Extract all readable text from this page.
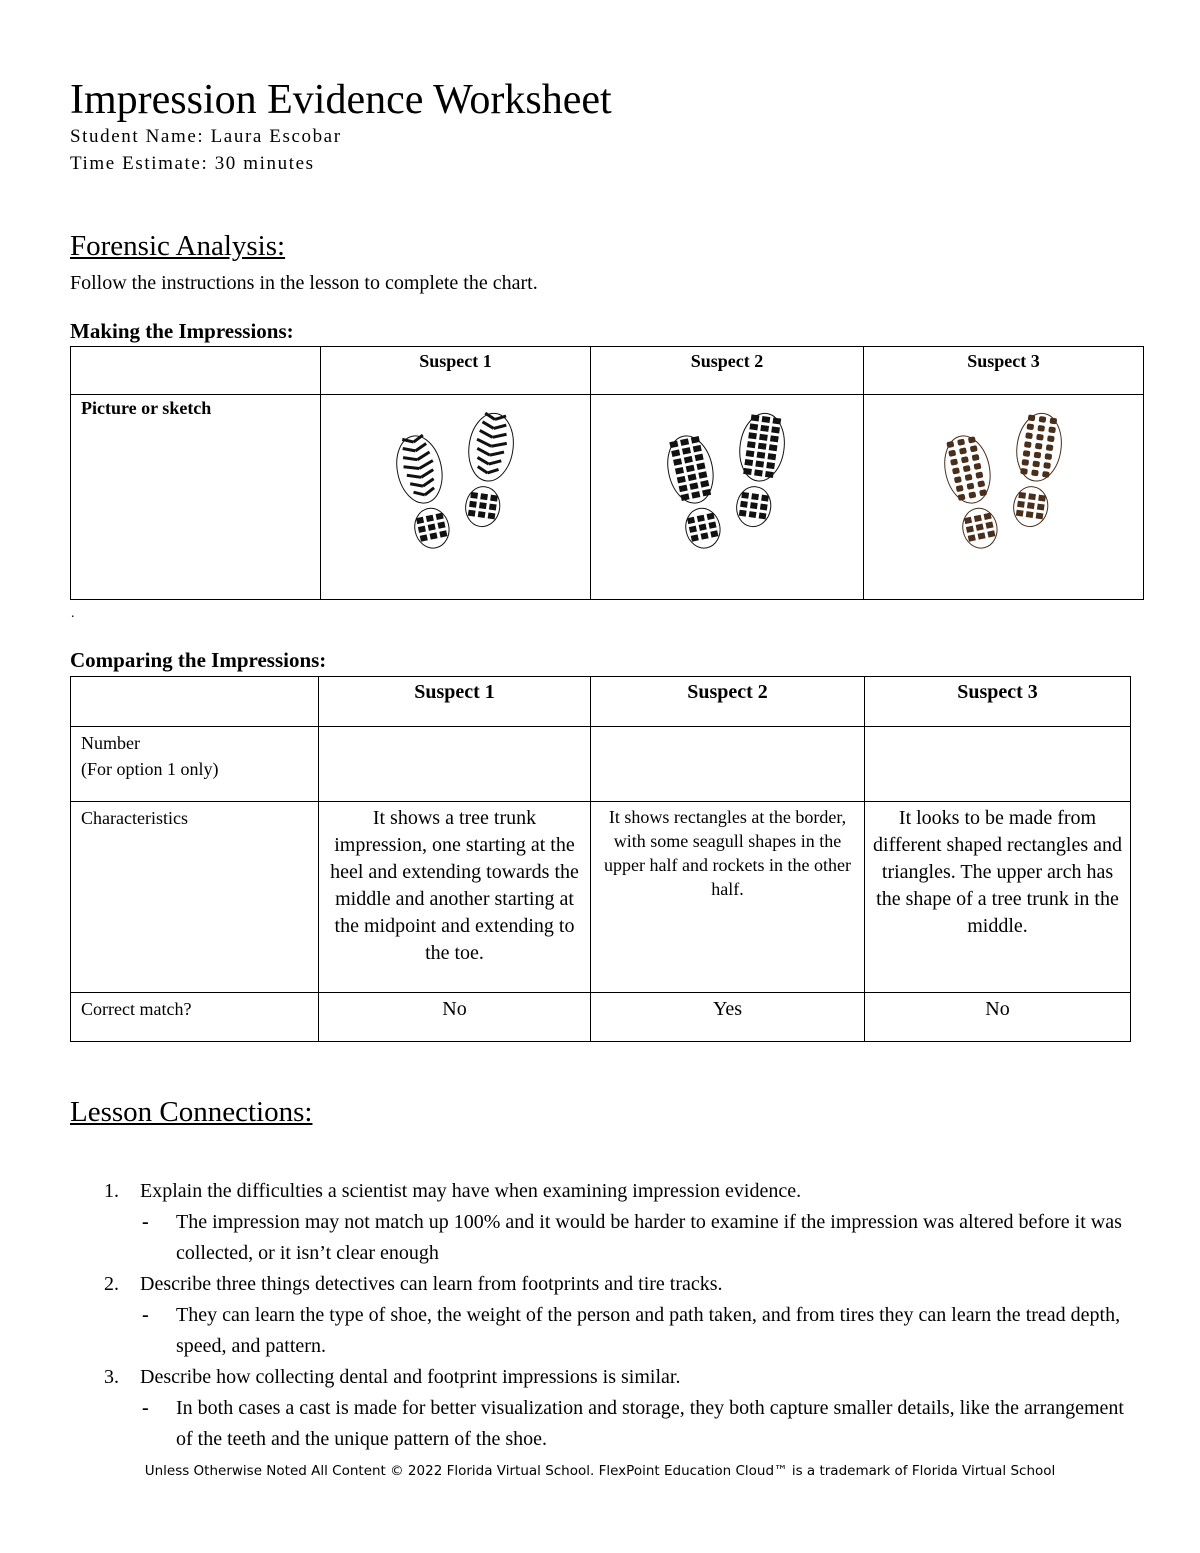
Impression Evidence Worksheet
Student Name: Laura Escobar
Time Estimate: 30 minutes
Forensic Analysis:
Follow the instructions in the lesson to complete the chart.
Making the Impressions:
	Suspect 1	Suspect 2	Suspect 3
Picture or sketch	

.
Comparing the Impressions:
	Suspect 1	Suspect 2	Suspect 3

Number
(For option 1 only)			

Characteristics	It shows a tree trunk impression, one starting at the heel and extending towards the middle and another starting at the midpoint and extending to the toe.	It shows rectangles at the border, with some seagull shapes in the upper half and rockets in the other half.	It looks to be made from different shaped rectangles and triangles. The upper arch has the shape of a tree trunk in the middle.

Correct match?	No	Yes	No
Lesson Connections:
1. Explain the difficulties a scientist may have when examining impression evidence.
- The impression may not match up 100% and it would be harder to examine if the impression was altered before it was collected, or it isn’t clear enough
2. Describe three things detectives can learn from footprints and tire tracks.
- They can learn the type of shoe, the weight of the person and path taken, and from tires they can learn the tread depth, speed, and pattern.
3. Describe how collecting dental and footprint impressions is similar.
- In both cases a cast is made for better visualization and storage, they both capture smaller details, like the arrangement of the teeth and the unique pattern of the shoe.
Unless Otherwise Noted All Content © 2022 Florida Virtual School. FlexPoint Education Cloud™ is a trademark of Florida Virtual School
